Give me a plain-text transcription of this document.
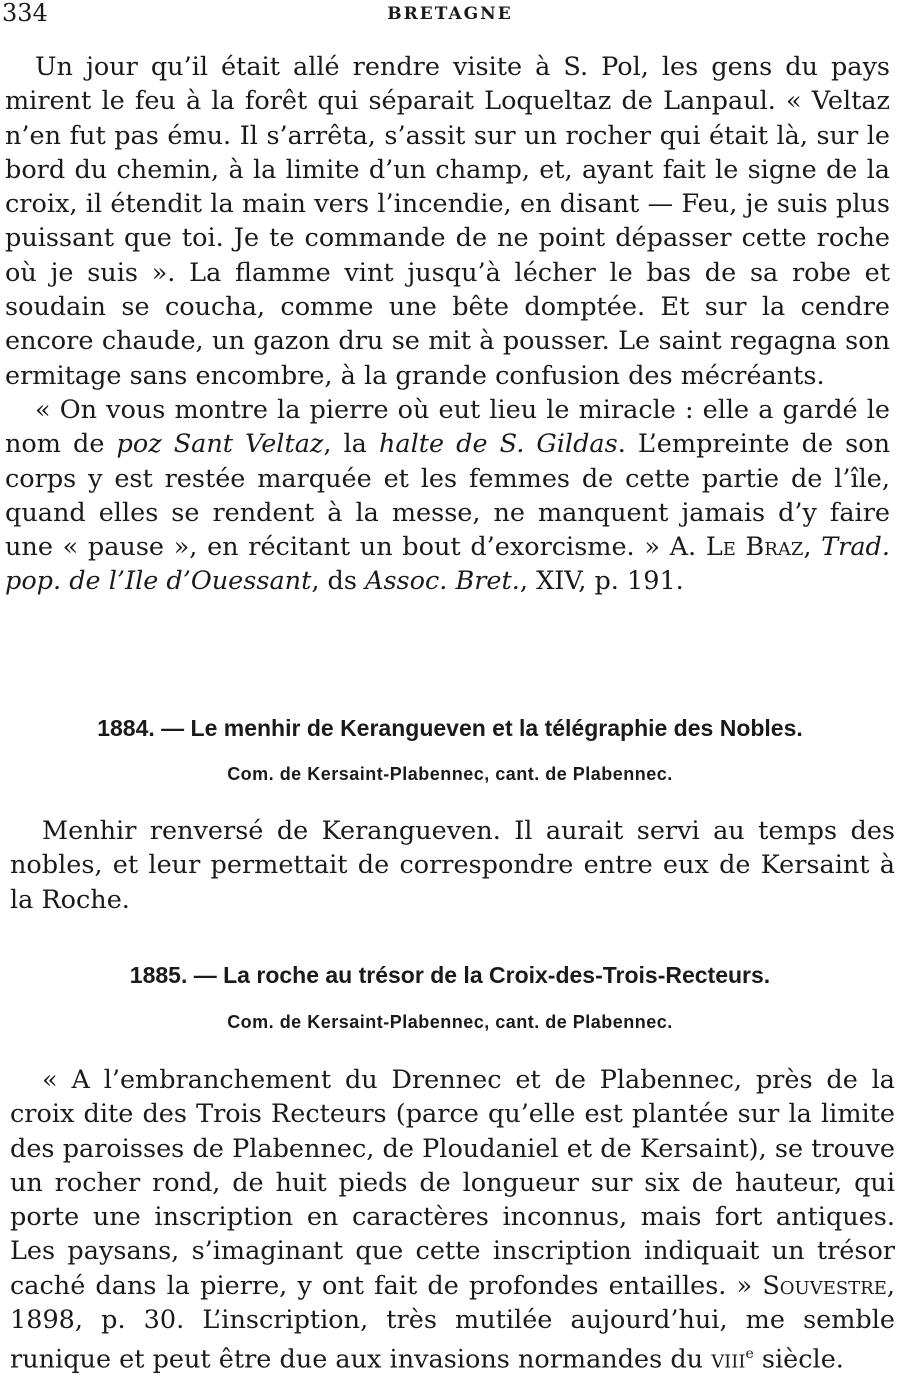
334	BRETAGNE

Un jour qu’il était allé rendre visite à S. Pol, les gens du pays mirent le feu à la forêt qui séparait Loqueltaz de Lanpaul. « Veltaz n’en fut pas ému. Il s’arrêta, s’assit sur un rocher qui était là, sur le bord du chemin, à la limite d’un champ, et, ayant fait le signe de la croix, il étendit la main vers l’incendie, en disant — Feu, je suis plus puissant que toi. Je te commande de ne point dépasser cette roche où je suis ». La flamme vint jusqu’à lécher le bas de sa robe et soudain se coucha, comme une bête domptée. Et sur la cendre encore chaude, un gazon dru se mit à pousser. Le saint regagna son ermitage sans encombre, à la grande confusion des mécréants.

« On vous montre la pierre où eut lieu le miracle : elle a gardé le nom de poz Sant Veltaz, la halte de S. Gildas. L’empreinte de son corps y est restée marquée et les femmes de cette partie de l’île, quand elles se rendent à la messe, ne manquent jamais d’y faire une « pause », en récitant un bout d’exorcisme. » A. Le Braz, Trad. pop. de l’Ile d’Ouessant, ds Assoc. Bret., XIV, p. 191.

1884. — Le menhir de Kerangueven et la télégraphie des Nobles.
Com. de Kersaint-Plabennec, cant. de Plabennec.

Menhir renversé de Kerangueven. Il aurait servi au temps des nobles, et leur permettait de correspondre entre eux de Kersaint à la Roche.

1885. — La roche au trésor de la Croix-des-Trois-Recteurs.
Com. de Kersaint-Plabennec, cant. de Plabennec.

« A l’embranchement du Drennec et de Plabennec, près de la croix dite des Trois Recteurs (parce qu’elle est plantée sur la limite des paroisses de Plabennec, de Ploudaniel et de Kersaint), se trouve un rocher rond, de huit pieds de longueur sur six de hauteur, qui porte une inscription en caractères inconnus, mais fort antiques. Les paysans, s’imaginant que cette inscription indiquait un trésor caché dans la pierre, y ont fait de profondes entailles. » Souvestre, 1898, p. 30. L’inscription, très mutilée aujourd’hui, me semble runique et peut être due aux invasions normandes du viii$^e$ siècle.
